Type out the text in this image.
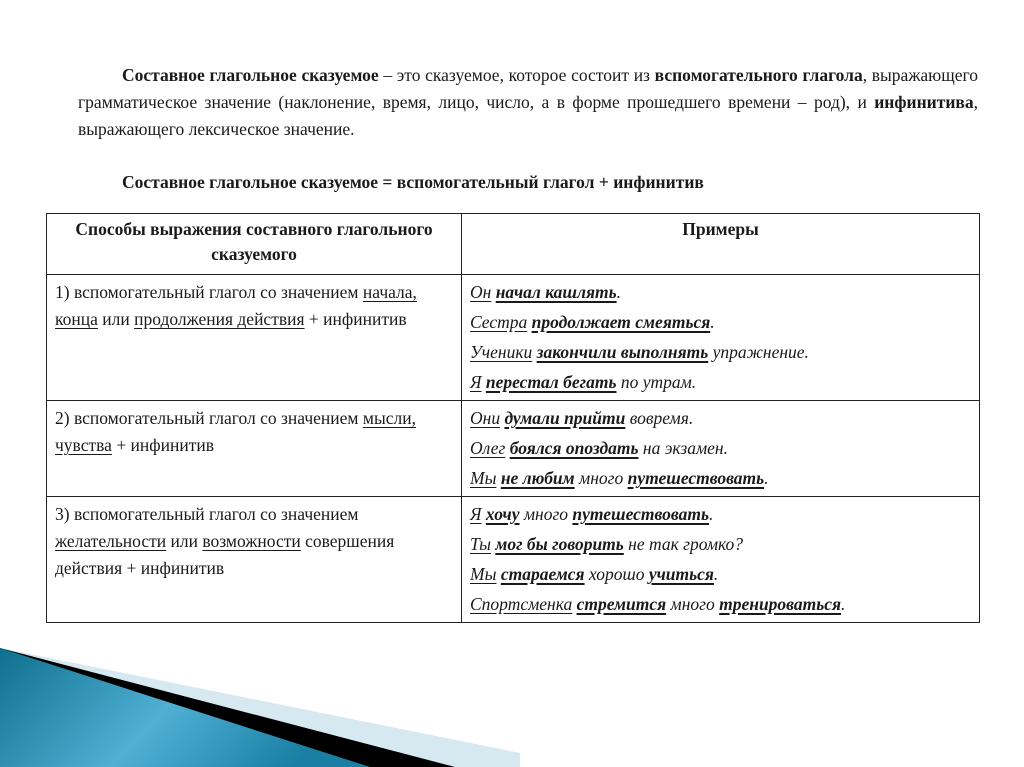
Составное глагольное сказуемое – это сказуемое, которое состоит из вспомогательного глагола, выражающего грамматическое значение (наклонение, время, лицо, число, а в форме прошедшего времени – род), и инфинитива, выражающего лексическое значение.
Составное глагольное сказуемое = вспомогательный глагол + инфинитив
Способы выражения составного глагольного сказуемого	Примеры
1) вспомогательный глагол со значением начала, конца или продолжения действия + инфинитив	Он начал кашлять.
Сестра продолжает смеяться.
Ученики закончили выполнять упражнение.
Я перестал бегать по утрам.

2) вспомогательный глагол со значением мысли, чувства + инфинитив	Они думали прийти вовремя.
Олег боялся опоздать на экзамен.
Мы не любим много путешествовать.

3) вспомогательный глагол со значением желательности или возможности совершения действия + инфинитив	Я хочу много путешествовать.
Ты мог бы говорить не так громко?
Мы стараемся хорошо учиться.
Спортсменка стремится много тренироваться.
